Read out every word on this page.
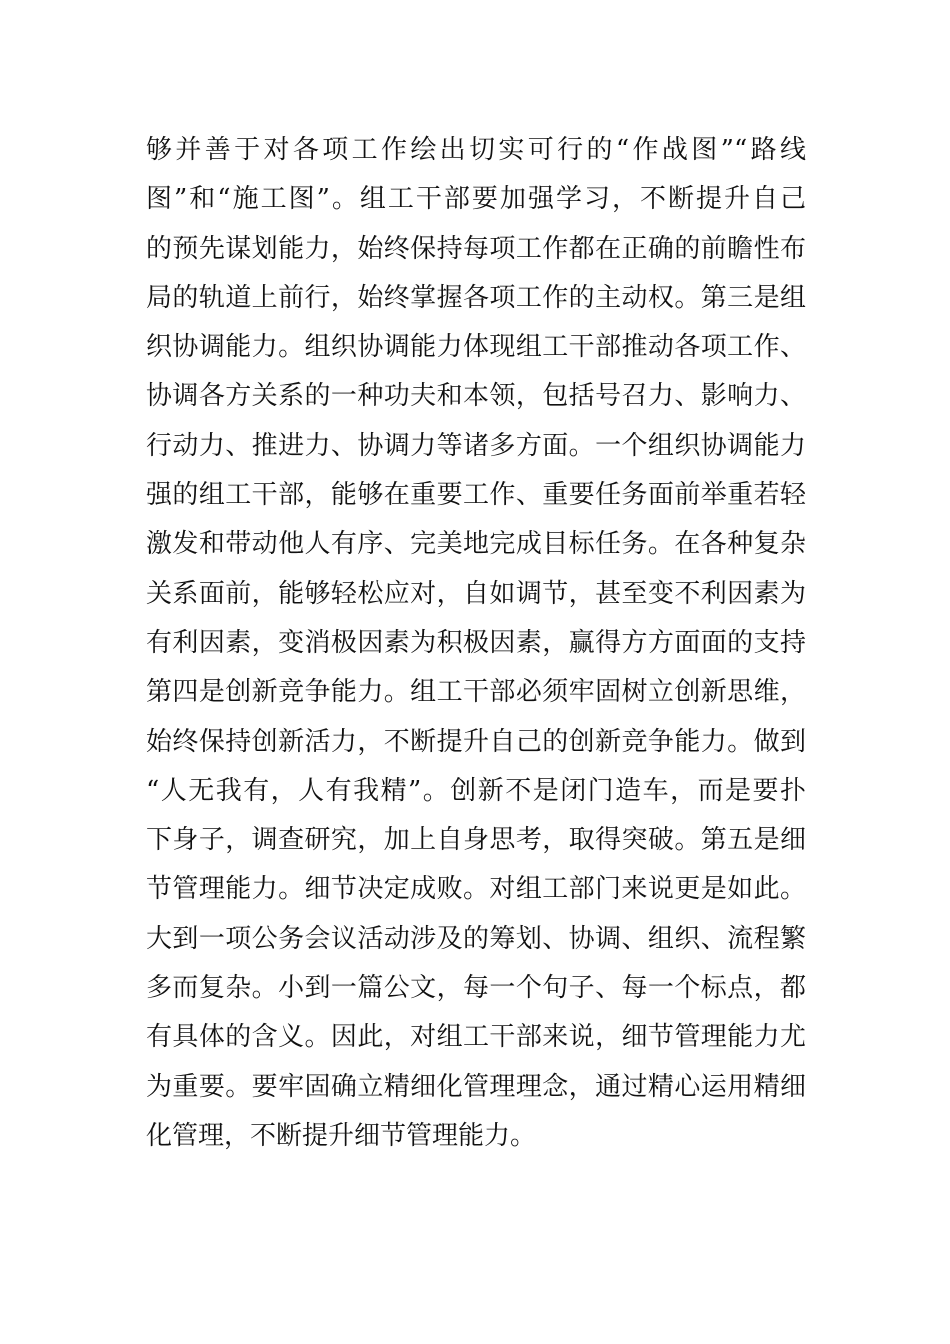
够并善于对各项工作绘出切实可行的“作战图”“路线
图”和“施工图”。组工干部要加强学习，不断提升自己
的预先谋划能力，始终保持每项工作都在正确的前瞻性布
局的轨道上前行，始终掌握各项工作的主动权。第三是组
织协调能力。组织协调能力体现组工干部推动各项工作、
协调各方关系的一种功夫和本领，包括号召力、影响力、
行动力、推进力、协调力等诸多方面。一个组织协调能力
强的组工干部，能够在重要工作、重要任务面前举重若轻
激发和带动他人有序、完美地完成目标任务。在各种复杂
关系面前，能够轻松应对，自如调节，甚至变不利因素为
有利因素，变消极因素为积极因素，赢得方方面面的支持
第四是创新竞争能力。组工干部必须牢固树立创新思维，
始终保持创新活力，不断提升自己的创新竞争能力。做到
“人无我有，人有我精”。创新不是闭门造车，而是要扑
下身子，调查研究，加上自身思考，取得突破。第五是细
节管理能力。细节决定成败。对组工部门来说更是如此。
大到一项公务会议活动涉及的筹划、协调、组织、流程繁
多而复杂。小到一篇公文，每一个句子、每一个标点，都
有具体的含义。因此，对组工干部来说，细节管理能力尤
为重要。要牢固确立精细化管理理念，通过精心运用精细
化管理，不断提升细节管理能力。
